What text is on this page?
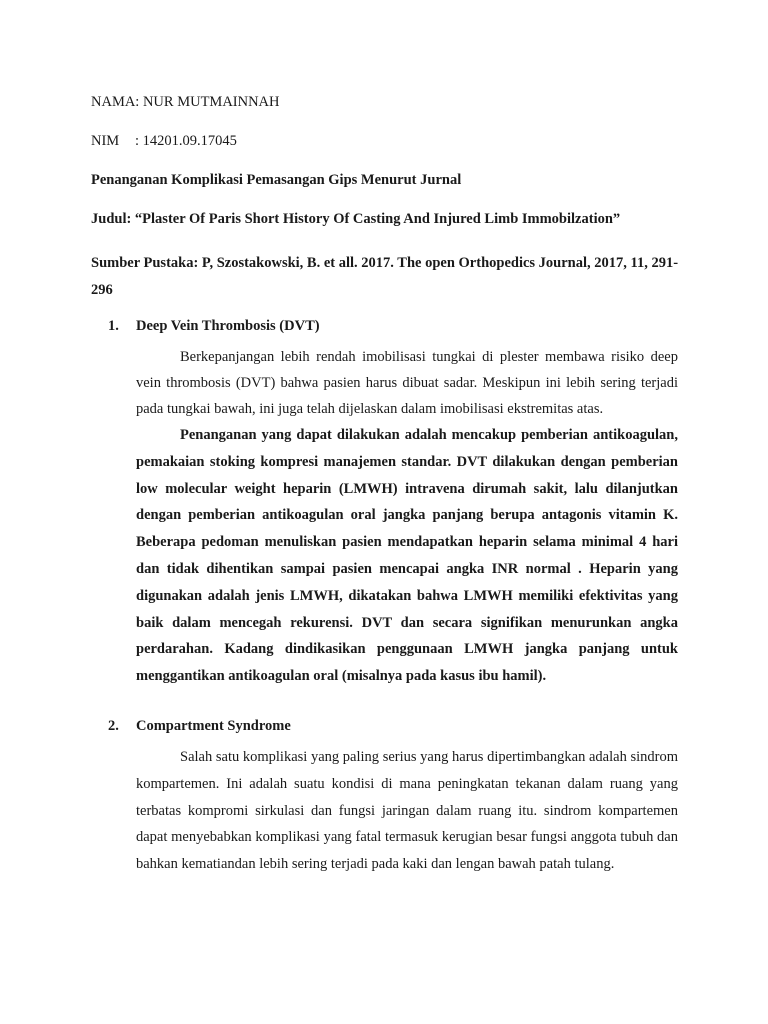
NAMA: NUR MUTMAINNAH
NIM : 14201.09.17045
Penanganan Komplikasi Pemasangan Gips Menurut Jurnal
Judul: “Plaster Of Paris Short History Of Casting And Injured Limb Immobilzation”
Sumber Pustaka: P, Szostakowski, B. et all. 2017. The open Orthopedics Journal, 2017, 11, 291-296
1. Deep Vein Thrombosis (DVT)

Berkepanjangan lebih rendah imobilisasi tungkai di plester membawa risiko deep vein thrombosis (DVT) bahwa pasien harus dibuat sadar. Meskipun ini lebih sering terjadi pada tungkai bawah, ini juga telah dijelaskan dalam imobilisasi ekstremitas atas.

Penanganan yang dapat dilakukan adalah mencakup pemberian antikoagulan, pemakaian stoking kompresi manajemen standar. DVT dilakukan dengan pemberian low molecular weight heparin (LMWH) intravena dirumah sakit, lalu dilanjutkan dengan pemberian antikoagulan oral jangka panjang berupa antagonis vitamin K. Beberapa pedoman menuliskan pasien mendapatkan heparin selama minimal 4 hari dan tidak dihentikan sampai pasien mencapai angka INR normal . Heparin yang digunakan adalah jenis LMWH, dikatakan bahwa LMWH memiliki efektivitas yang baik dalam mencegah rekurensi. DVT dan secara signifikan menurunkan angka perdarahan. Kadang dindikasikan penggunaan LMWH jangka panjang untuk menggantikan antikoagulan oral (misalnya pada kasus ibu hamil).

2. Compartment Syndrome

Salah satu komplikasi yang paling serius yang harus dipertimbangkan adalah sindrom kompartemen. Ini adalah suatu kondisi di mana peningkatan tekanan dalam ruang yang terbatas kompromi sirkulasi dan fungsi jaringan dalam ruang itu. sindrom kompartemen dapat menyebabkan komplikasi yang fatal termasuk kerugian besar fungsi anggota tubuh dan bahkan kematiandan lebih sering terjadi pada kaki dan lengan bawah patah tulang.
